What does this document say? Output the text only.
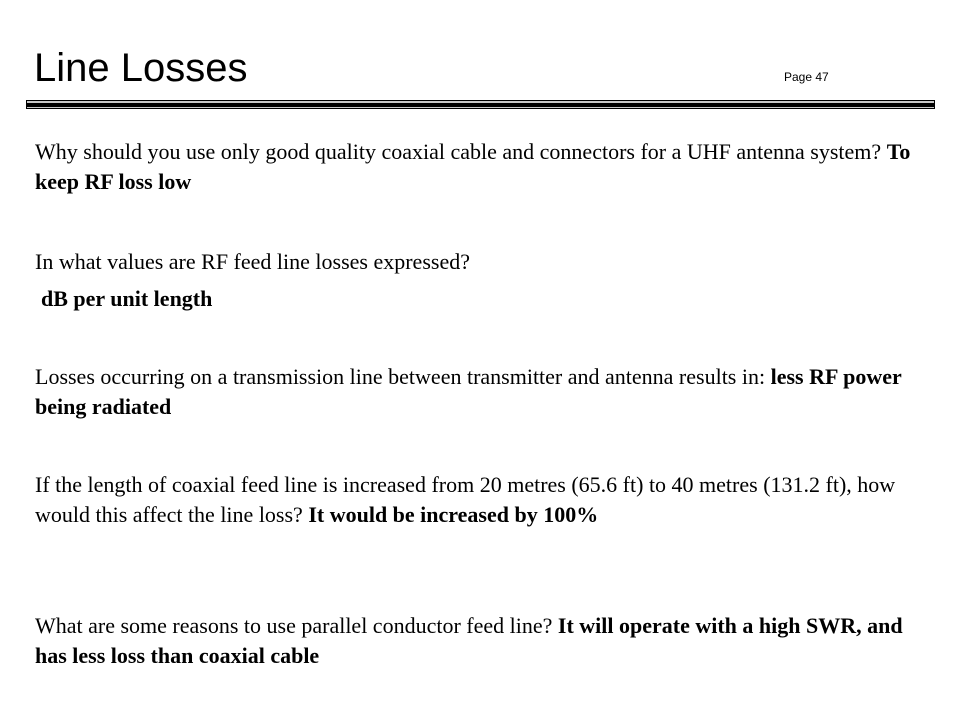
Line Losses	Page 47

Why should you use only good quality coaxial cable and connectors for a UHF antenna system? To keep RF loss low

In what values are RF feed line losses expressed?

dB per unit length

Losses occurring on a transmission line between transmitter and antenna results in: less RF power being radiated

If the length of coaxial feed line is increased from 20 metres (65.6 ft) to 40 metres (131.2 ft), how would this affect the line loss? It would be increased by 100%

What are some reasons to use parallel conductor feed line? It will operate with a high SWR, and has less loss than coaxial cable
